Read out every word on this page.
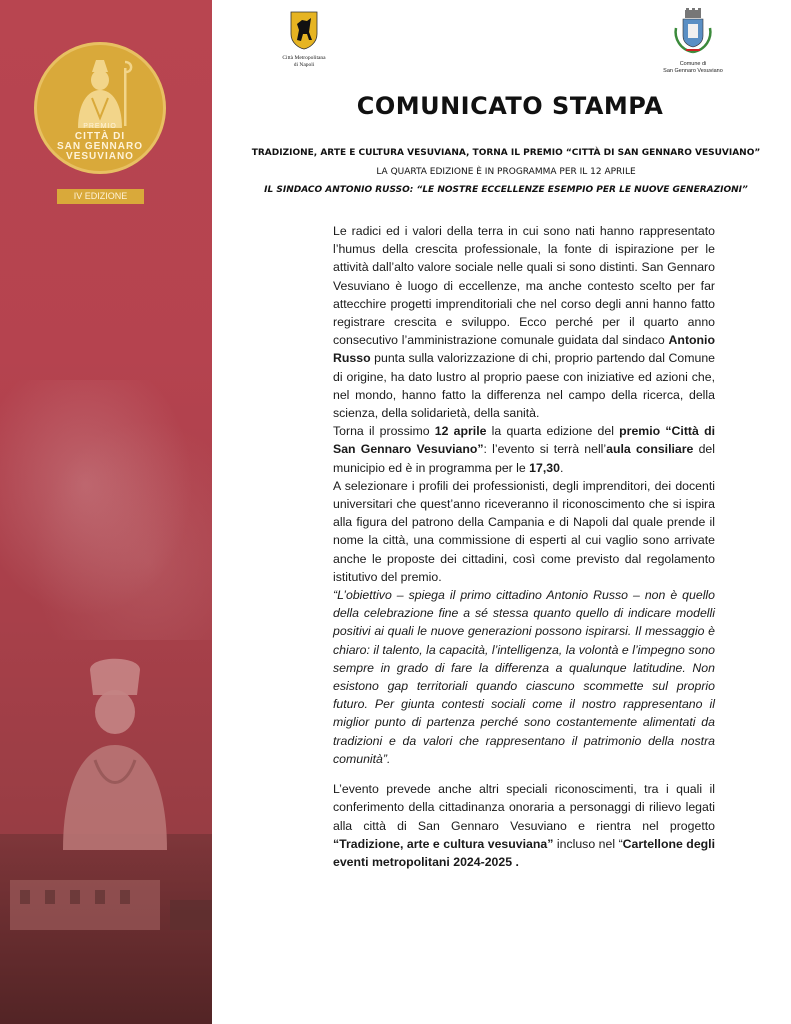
PREMIO
CITTÀ DI
SAN GENNARO
VESUVIANO
IV EDIZIONE
Città Metropolitana
di Napoli	Comune di
San Gennaro Vesuviano
COMUNICATO STAMPA
TRADIZIONE, ARTE E CULTURA VESUVIANA, TORNA IL PREMIO “CITTÀ DI SAN GENNARO VESUVIANO”
LA QUARTA EDIZIONE È IN PROGRAMMA PER IL 12 APRILE
IL SINDACO ANTONIO RUSSO: “LE NOSTRE ECCELLENZE ESEMPIO PER LE NUOVE GENERAZIONI”

Le radici ed i valori della terra in cui sono nati hanno rappresentato l’humus della crescita professionale, la fonte di ispirazione per le attività dall’alto valore sociale nelle quali si sono distinti. San Gennaro Vesuviano è luogo di eccellenze, ma anche contesto scelto per far attecchire progetti imprenditoriali che nel corso degli anni hanno fatto registrare crescita e sviluppo. Ecco perché per il quarto anno consecutivo l’amministrazione comunale guidata dal sindaco Antonio Russo punta sulla valorizzazione di chi, proprio partendo dal Comune di origine, ha dato lustro al proprio paese con iniziative ed azioni che, nel mondo, hanno fatto la differenza nel campo della ricerca, della scienza, della solidarietà, della sanità.

Torna il prossimo 12 aprile la quarta edizione del premio “Città di San Gennaro Vesuviano”: l’evento si terrà nell’aula consiliare del municipio ed è in programma per le 17,30.

A selezionare i profili dei professionisti, degli imprenditori, dei docenti universitari che quest’anno riceveranno il riconoscimento che si ispira alla figura del patrono della Campania e di Napoli dal quale prende il nome la città, una commissione di esperti al cui vaglio sono arrivate anche le proposte dei cittadini, così come previsto dal regolamento istitutivo del premio.

“L’obiettivo – spiega il primo cittadino Antonio Russo – non è quello della celebrazione fine a sé stessa quanto quello di indicare modelli positivi ai quali le nuove generazioni possono ispirarsi. Il messaggio è chiaro: il talento, la capacità, l’intelligenza, la volontà e l’impegno sono sempre in grado di fare la differenza a qualunque latitudine. Non esistono gap territoriali quando ciascuno scommette sul proprio futuro. Per giunta contesti sociali come il nostro rappresentano il miglior punto di partenza perché sono costantemente alimentati da tradizioni e da valori che rappresentano il patrimonio della nostra comunità”.

L’evento prevede anche altri speciali riconoscimenti, tra i quali il conferimento della cittadinanza onoraria a personaggi di rilievo legati alla città di San Gennaro Vesuviano e rientra nel progetto “Tradizione, arte e cultura vesuviana” incluso nel “Cartellone degli eventi metropolitani 2024-2025 .
